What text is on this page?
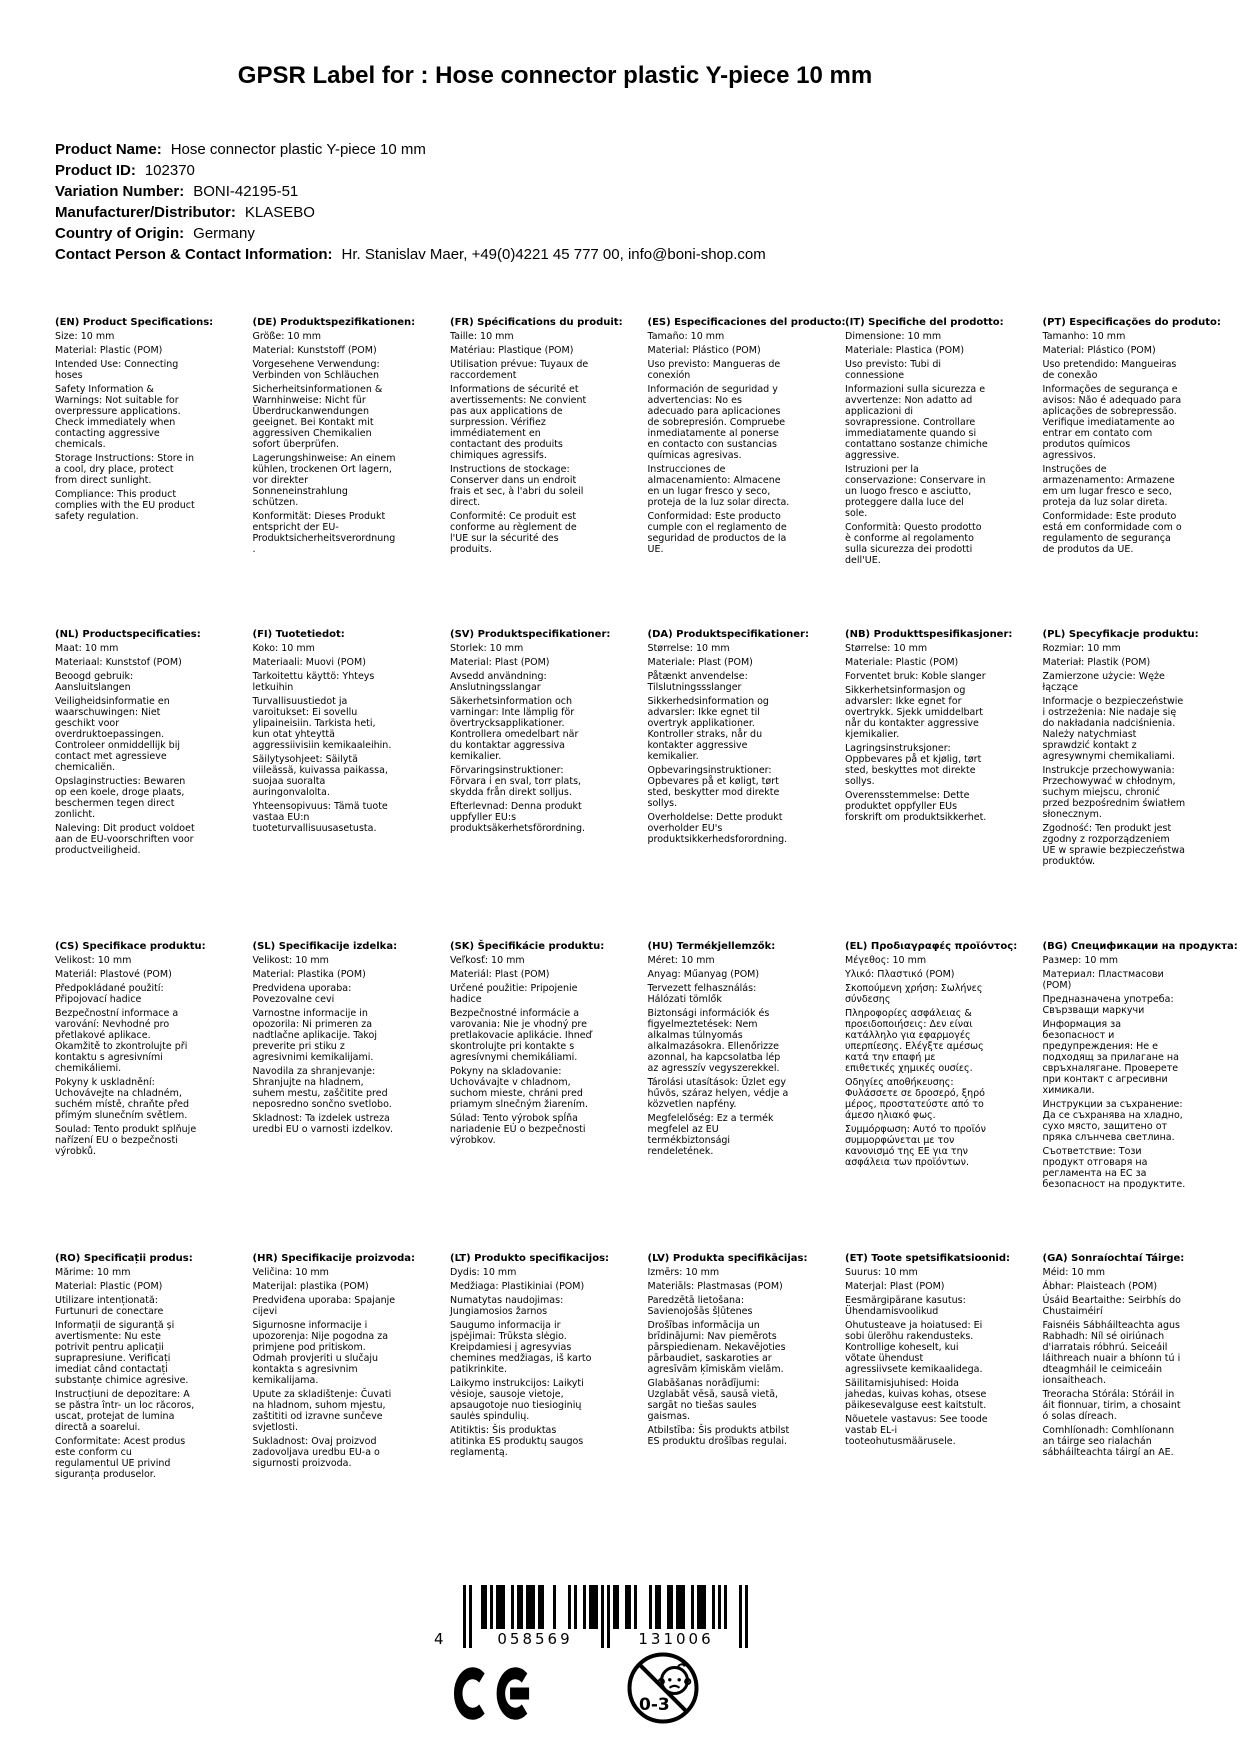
GPSR Label for : Hose connector plastic Y-piece 10 mm
Product Name: Hose connector plastic Y-piece 10 mm
Product ID: 102370
Variation Number: BONI-42195-51
Manufacturer/Distributor: KLASEBO
Country of Origin: Germany
Contact Person & Contact Information: Hr. Stanislav Maer, +49(0)4221 45 777 00, info@boni-shop.com
(EN) Product Specifications:

Size: 10 mm

Material: Plastic (POM)

Intended Use: Connecting hoses

Safety Information & Warnings: Not suitable for overpressure applications. Check immediately when contacting aggressive chemicals.

Storage Instructions: Store in a cool, dry place, protect from direct sunlight.

Compliance: This product complies with the EU product safety regulation.

(DE) Produktspezifikationen:

Größe: 10 mm

Material: Kunststoff (POM)

Vorgesehene Verwendung: Verbinden von Schläuchen

Sicherheitsinformationen & Warnhinweise: Nicht für Überdruckanwendungen geeignet. Bei Kontakt mit aggressiven Chemikalien sofort überprüfen.

Lagerungshinweise: An einem kühlen, trockenen Ort lagern, vor direkter Sonneneinstrahlung schützen.

Konformität: Dieses Produkt entspricht der EU-Produktsicherheitsverordnung.

(FR) Spécifications du produit:

Taille: 10 mm

Matériau: Plastique (POM)

Utilisation prévue: Tuyaux de raccordement

Informations de sécurité et avertissements: Ne convient pas aux applications de surpression. Vérifiez immédiatement en contactant des produits chimiques agressifs.

Instructions de stockage: Conserver dans un endroit frais et sec, à l'abri du soleil direct.

Conformité: Ce produit est conforme au règlement de l'UE sur la sécurité des produits.

(ES) Especificaciones del producto:

Tamaño: 10 mm

Material: Plástico (POM)

Uso previsto: Mangueras de conexión

Información de seguridad y advertencias: No es adecuado para aplicaciones de sobrepresión. Compruebe inmediatamente al ponerse en contacto con sustancias químicas agresivas.

Instrucciones de almacenamiento: Almacene en un lugar fresco y seco, proteja de la luz solar directa.

Conformidad: Este producto cumple con el reglamento de seguridad de productos de la UE.

(IT) Specifiche del prodotto:

Dimensione: 10 mm

Materiale: Plastica (POM)

Uso previsto: Tubi di connessione

Informazioni sulla sicurezza e avvertenze: Non adatto ad applicazioni di sovrapressione. Controllare immediatamente quando si contattano sostanze chimiche aggressive.

Istruzioni per la conservazione: Conservare in un luogo fresco e asciutto, proteggere dalla luce del sole.

Conformità: Questo prodotto è conforme al regolamento sulla sicurezza dei prodotti dell'UE.

(PT) Especificações do produto:

Tamanho: 10 mm

Material: Plástico (POM)

Uso pretendido: Mangueiras de conexão

Informações de segurança e avisos: Não é adequado para aplicações de sobrepressão. Verifique imediatamente ao entrar em contato com produtos químicos agressivos.

Instruções de armazenamento: Armazene em um lugar fresco e seco, proteja da luz solar direta.

Conformidade: Este produto está em conformidade com o regulamento de segurança de produtos da UE.

(NL) Productspecificaties:

Maat: 10 mm

Materiaal: Kunststof (POM)

Beoogd gebruik: Aansluitslangen

Veiligheidsinformatie en waarschuwingen: Niet geschikt voor overdruktoepassingen. Controleer onmiddellijk bij contact met agressieve chemicaliën.

Opslaginstructies: Bewaren op een koele, droge plaats, beschermen tegen direct zonlicht.

Naleving: Dit product voldoet aan de EU-voorschriften voor productveiligheid.

(FI) Tuotetiedot:

Koko: 10 mm

Materiaali: Muovi (POM)

Tarkoitettu käyttö: Yhteys letkuihin

Turvallisuustiedot ja varoitukset: Ei sovellu ylipaineisiin. Tarkista heti, kun otat yhteyttä aggressiivisiin kemikaaleihin.

Säilytysohjeet: Säilytä viileässä, kuivassa paikassa, suojaa suoralta auringonvalolta.

Yhteensopivuus: Tämä tuote vastaa EU:n tuoteturvallisuusasetusta.

(SV) Produktspecifikationer:

Storlek: 10 mm

Material: Plast (POM)

Avsedd användning: Anslutningsslangar

Säkerhetsinformation och varningar: Inte lämplig för övertrycksapplikationer. Kontrollera omedelbart när du kontaktar aggressiva kemikalier.

Förvaringsinstruktioner: Förvara i en sval, torr plats, skydda från direkt solljus.

Efterlevnad: Denna produkt uppfyller EU:s produktsäkerhetsförordning.

(DA) Produktspecifikationer:

Størrelse: 10 mm

Materiale: Plast (POM)

Påtænkt anvendelse: Tilslutningssslanger

Sikkerhedsinformation og advarsler: Ikke egnet til overtryk applikationer. Kontroller straks, når du kontakter aggressive kemikalier.

Opbevaringsinstruktioner: Opbevares på et køligt, tørt sted, beskytter mod direkte sollys.

Overholdelse: Dette produkt overholder EU's produktsikkerhedsforordning.

(NB) Produkttspesifikasjoner:

Størrelse: 10 mm

Materiale: Plastic (POM)

Forventet bruk: Koble slanger

Sikkerhetsinformasjon og advarsler: Ikke egnet for overtrykk. Sjekk umiddelbart når du kontakter aggressive kjemikalier.

Lagringsinstruksjoner: Oppbevares på et kjølig, tørt sted, beskyttes mot direkte sollys.

Overensstemmelse: Dette produktet oppfyller EUs forskrift om produktsikkerhet.

(PL) Specyfikacje produktu:

Rozmiar: 10 mm

Materiał: Plastik (POM)

Zamierzone użycie: Węże łączące

Informacje o bezpieczeństwie i ostrzeżenia: Nie nadaje się do nakładania nadciśnienia. Należy natychmiast sprawdzić kontakt z agresywnymi chemikaliami.

Instrukcje przechowywania: Przechowywać w chłodnym, suchym miejscu, chronić przed bezpośrednim światłem słonecznym.

Zgodność: Ten produkt jest zgodny z rozporządzeniem UE w sprawie bezpieczeństwa produktów.

(CS) Specifikace produktu:

Velikost: 10 mm

Materiál: Plastové (POM)

Předpokládané použití: Připojovací hadice

Bezpečnostní informace a varování: Nevhodné pro přetlakové aplikace. Okamžitě to zkontrolujte při kontaktu s agresivními chemikáliemi.

Pokyny k uskladnění: Uchovávejte na chladném, suchém místě, chraňte před přímým slunečním světlem.

Soulad: Tento produkt splňuje nařízení EU o bezpečnosti výrobků.

(SL) Specifikacije izdelka:

Velikost: 10 mm

Material: Plastika (POM)

Predvidena uporaba: Povezovalne cevi

Varnostne informacije in opozorila: Ni primeren za nadtlačne aplikacije. Takoj preverite pri stiku z agresivnimi kemikalijami.

Navodila za shranjevanje: Shranjujte na hladnem, suhem mestu, zaščitite pred neposredno sončno svetlobo.

Skladnost: Ta izdelek ustreza uredbi EU o varnosti izdelkov.

(SK) Špecifikácie produktu:

Veľkosť: 10 mm

Materiál: Plast (POM)

Určené použitie: Pripojenie hadice

Bezpečnostné informácie a varovania: Nie je vhodný pre pretlakovacie aplikácie. Ihneď skontrolujte pri kontakte s agresívnymi chemikáliami.

Pokyny na skladovanie: Uchovávajte v chladnom, suchom mieste, chráni pred priamym slnečným žiarením.

Súlad: Tento výrobok spĺňa nariadenie EÚ o bezpečnosti výrobkov.

(HU) Termékjellemzők:

Méret: 10 mm

Anyag: Műanyag (POM)

Tervezett felhasználás: Hálózati tömlők

Biztonsági információk és figyelmeztetések: Nem alkalmas túlnyomás alkalmazásokra. Ellenőrizze azonnal, ha kapcsolatba lép az agresszív vegyszerekkel.

Tárolási utasítások: Üzlet egy hűvös, száraz helyen, védje a közvetlen napfény.

Megfelelőség: Ez a termék megfelel az EU termékbiztonsági rendeletének.

(EL) Προδιαγραφές προϊόντος:

Μέγεθος: 10 mm

Υλικό: Πλαστικό (POM)

Σκοπούμενη χρήση: Σωλήνες σύνδεσης

Πληροφορίες ασφάλειας & προειδοποιήσεις: Δεν είναι κατάλληλο για εφαρμογές υπερπίεσης. Ελέγξτε αμέσως κατά την επαφή με επιθετικές χημικές ουσίες.

Οδηγίες αποθήκευσης: Φυλάσσετε σε δροσερό, ξηρό μέρος, προστατεύστε από το άμεσο ηλιακό φως.

Συμμόρφωση: Αυτό το προϊόν συμμορφώνεται με τον κανονισμό της ΕΕ για την ασφάλεια των προϊόντων.

(BG) Спецификации на продукта:

Размер: 10 mm

Материал: Пластмасови (POM)

Предназначена употреба: Свързващи маркучи

Информация за безопасност и предупреждения: Не е подходящ за прилагане на свръхналягане. Проверете при контакт с агресивни химикали.

Инструкции за съхранение: Да се съхранява на хладно, сухо място, защитено от пряка слънчева светлина.

Съответствие: Този продукт отговаря на регламента на ЕС за безопасност на продуктите.

(RO) Specificații produs:

Mărime: 10 mm

Material: Plastic (POM)

Utilizare intenționată: Furtunuri de conectare

Informații de siguranță și avertismente: Nu este potrivit pentru aplicații suprapresiune. Verificați imediat când contactați substanțe chimice agresive.

Instrucțiuni de depozitare: A se păstra într- un loc răcoros, uscat, protejat de lumina directă a soarelui.

Conformitate: Acest produs este conform cu regulamentul UE privind siguranța produselor.

(HR) Specifikacije proizvoda:

Veličina: 10 mm

Materijal: plastika (POM)

Predviđena uporaba: Spajanje cijevi

Sigurnosne informacije i upozorenja: Nije pogodna za primjene pod pritiskom. Odmah provjeriti u slučaju kontakta s agresivnim kemikalijama.

Upute za skladištenje: Čuvati na hladnom, suhom mjestu, zaštititi od izravne sunčeve svjetlosti.

Sukladnost: Ovaj proizvod zadovoljava uredbu EU-a o sigurnosti proizvoda.

(LT) Produkto specifikacijos:

Dydis: 10 mm

Medžiaga: Plastikiniai (POM)

Numatytas naudojimas: Jungiamosios žarnos

Saugumo informacija ir įspėjimai: Trūksta slėgio. Kreipdamiesi į agresyvias chemines medžiagas, iš karto patikrinkite.

Laikymo instrukcijos: Laikyti vėsioje, sausoje vietoje, apsaugotoje nuo tiesioginių saulės spindulių.

Atitiktis: Šis produktas atitinka ES produktų saugos reglamentą.

(LV) Produkta specifikācijas:

Izmērs: 10 mm

Materiāls: Plastmasas (POM)

Paredzētā lietošana: Savienojošās šļūtenes

Drošības informācija un brīdinājumi: Nav piemērots pārspiedienam. Nekavējoties pārbaudiet, saskaroties ar agresīvām ķīmiskām vielām.

Glabāšanas norādījumi: Uzglabāt vēsā, sausā vietā, sargāt no tiešas saules gaismas.

Atbilstība: Šis produkts atbilst ES produktu drošības regulai.

(ET) Toote spetsifikatsioonid:

Suurus: 10 mm

Materjal: Plast (POM)

Eesmärgipärane kasutus: Ühendamisvoolikud

Ohutusteave ja hoiatused: Ei sobi ülerõhu rakendusteks. Kontrollige koheselt, kui võtate ühendust agressiivsete kemikaalidega.

Säilitamisjuhised: Hoida jahedas, kuivas kohas, otsese päikesevalguse eest kaitstult.

Nõuetele vastavus: See toode vastab EL-i tooteohutusmäärusele.

(GA) Sonraíochtaí Táirge:

Méid: 10 mm

Ábhar: Plaisteach (POM)

Úsáid Beartaithe: Seirbhís do Chustaiméirí

Faisnéis Sábháilteachta agus Rabhadh: Níl sé oiriúnach d'iarratais róbhrú. Seiceáil láithreach nuair a bhíonn tú i dteagmháil le ceimiceáin ionsaitheach.

Treoracha Stórála: Stóráil in áit fionnuar, tirim, a chosaint ó solas díreach.

Comhlíonadh: Comhlíonann an táirge seo rialachán sábháilteachta táirgí an AE.

4	058569	131006
0-3
